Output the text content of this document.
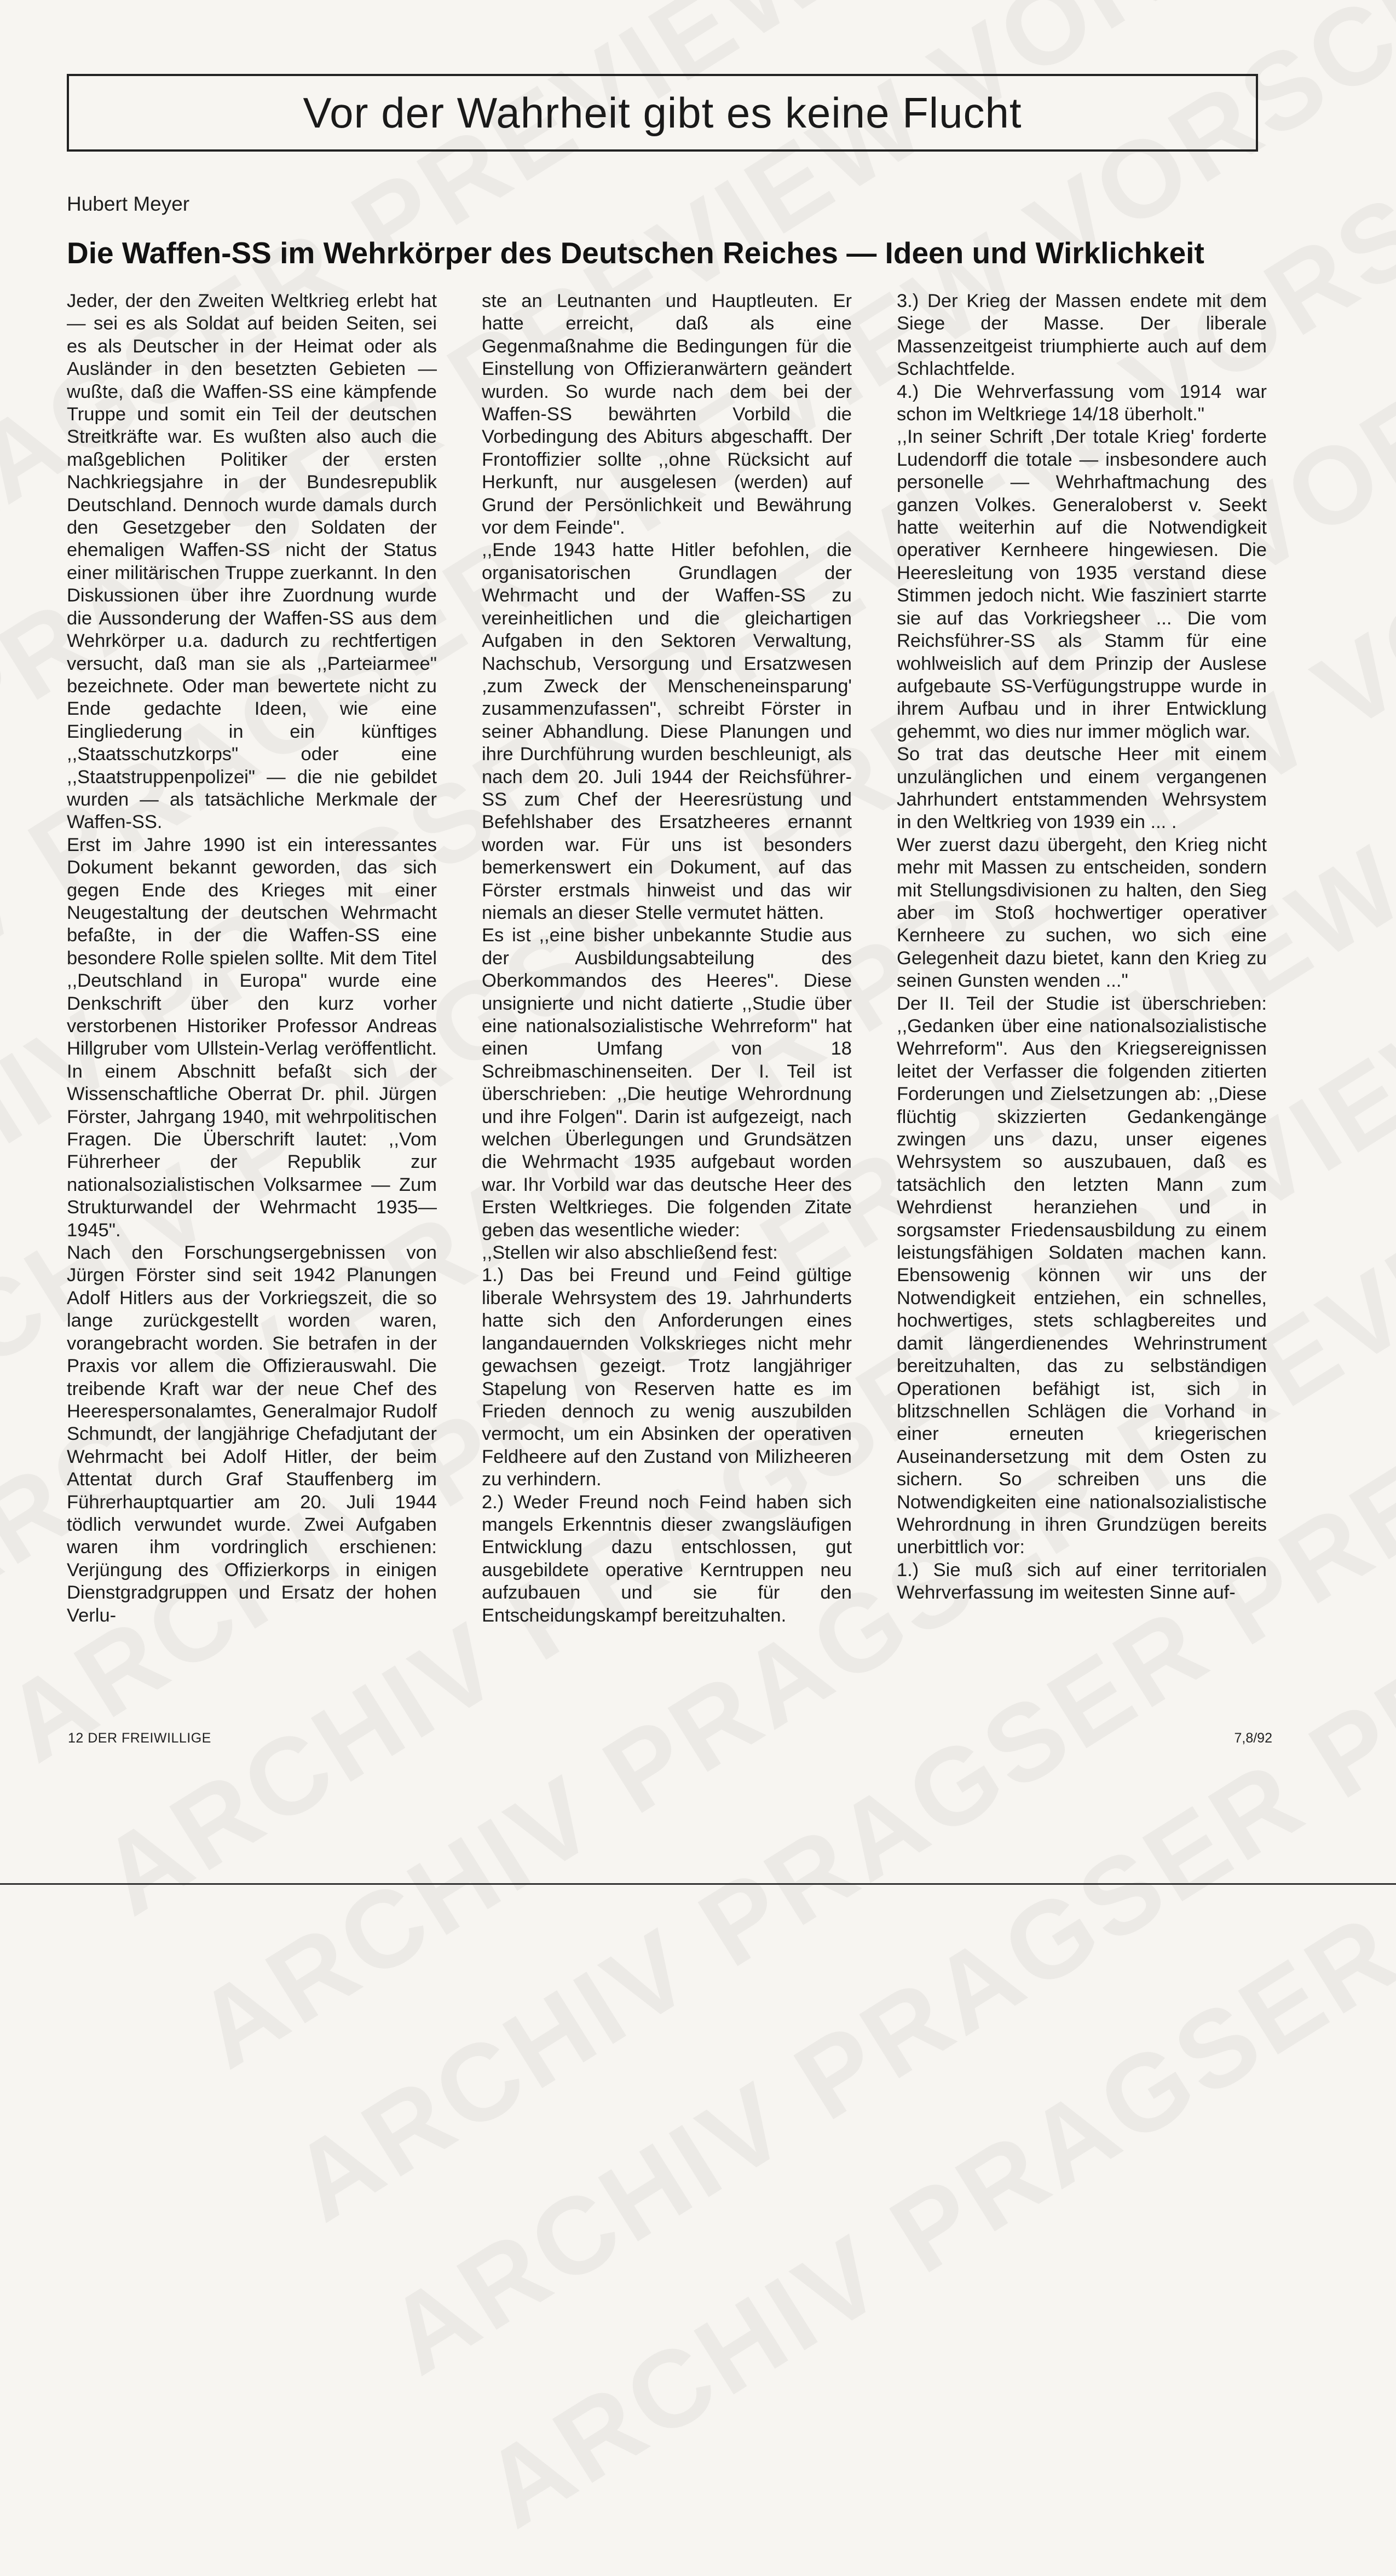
Vor der Wahrheit gibt es keine Flucht
Hubert Meyer
Die Waffen-SS im Wehrkörper des Deutschen Reiches — Ideen und Wirklichkeit

Jeder, der den Zweiten Weltkrieg erlebt hat — sei es als Soldat auf beiden Seiten, sei es als Deutscher in der Heimat oder als Ausländer in den besetzten Gebieten — wußte, daß die Waffen-SS eine kämpfende Truppe und somit ein Teil der deutschen Streitkräfte war. Es wußten also auch die maßgeblichen Politiker der ersten Nachkriegsjahre in der Bundesrepublik Deutschland. Dennoch wurde damals durch den Gesetzgeber den Soldaten der ehemaligen Waffen-SS nicht der Status einer militärischen Truppe zuerkannt. In den Diskussionen über ihre Zuordnung wurde die Aussonderung der Waffen-SS aus dem Wehrkörper u.a. dadurch zu rechtfertigen versucht, daß man sie als ,,Parteiarmee" bezeichnete. Oder man bewertete nicht zu Ende gedachte Ideen, wie eine Eingliederung in ein künftiges ,,Staatsschutzkorps" oder eine ,,Staatstruppenpolizei" — die nie gebildet wurden — als tatsächliche Merkmale der Waffen-SS.

Erst im Jahre 1990 ist ein interessantes Dokument bekannt geworden, das sich gegen Ende des Krieges mit einer Neugestaltung der deutschen Wehrmacht befaßte, in der die Waffen-SS eine besondere Rolle spielen sollte. Mit dem Titel ,,Deutschland in Europa" wurde eine Denkschrift über den kurz vorher verstorbenen Historiker Professor Andreas Hillgruber vom Ullstein-Verlag veröffentlicht. In einem Abschnitt befaßt sich der Wissenschaftliche Oberrat Dr. phil. Jürgen Förster, Jahrgang 1940, mit wehrpolitischen Fragen. Die Überschrift lautet: ,,Vom Führerheer der Republik zur nationalsozialistischen Volksarmee — Zum Strukturwandel der Wehrmacht 1935—1945".

Nach den Forschungsergebnissen von Jürgen Förster sind seit 1942 Planungen Adolf Hitlers aus der Vorkriegszeit, die so lange zurückgestellt worden waren, vorangebracht worden. Sie betrafen in der Praxis vor allem die Offizierauswahl. Die treibende Kraft war der neue Chef des Heerespersonalamtes, Generalmajor Rudolf Schmundt, der langjährige Chefadjutant der Wehrmacht bei Adolf Hitler, der beim Attentat durch Graf Stauffenberg im Führerhauptquartier am 20. Juli 1944 tödlich verwundet wurde. Zwei Aufgaben waren ihm vordringlich erschienen: Verjüngung des Offizierkorps in einigen Dienstgradgruppen und Ersatz der hohen Verlu-

ste an Leutnanten und Hauptleuten. Er hatte erreicht, daß als eine Gegenmaßnahme die Bedingungen für die Einstellung von Offizieranwärtern geändert wurden. So wurde nach dem bei der Waffen-SS bewährten Vorbild die Vorbedingung des Abiturs abgeschafft. Der Frontoffizier sollte ,,ohne Rücksicht auf Herkunft, nur ausgelesen (werden) auf Grund der Persönlichkeit und Bewährung vor dem Feinde".

,,Ende 1943 hatte Hitler befohlen, die organisatorischen Grundlagen der Wehrmacht und der Waffen-SS zu vereinheitlichen und die gleichartigen Aufgaben in den Sektoren Verwaltung, Nachschub, Versorgung und Ersatzwesen ,zum Zweck der Menscheneinsparung' zusammenzufassen", schreibt Förster in seiner Abhandlung. Diese Planungen und ihre Durchführung wurden beschleunigt, als nach dem 20. Juli 1944 der Reichsführer-SS zum Chef der Heeresrüstung und Befehlshaber des Ersatzheeres ernannt worden war. Für uns ist besonders bemerkenswert ein Dokument, auf das Förster erstmals hinweist und das wir niemals an dieser Stelle vermutet hätten.

Es ist ,,eine bisher unbekannte Studie aus der Ausbildungsabteilung des Oberkommandos des Heeres". Diese unsignierte und nicht datierte ,,Studie über eine nationalsozialistische Wehrreform" hat einen Umfang von 18 Schreibmaschinenseiten. Der I. Teil ist überschrieben: ,,Die heutige Wehrordnung und ihre Folgen". Darin ist aufgezeigt, nach welchen Überlegungen und Grundsätzen die Wehrmacht 1935 aufgebaut worden war. Ihr Vorbild war das deutsche Heer des Ersten Weltkrieges. Die folgenden Zitate geben das wesentliche wieder:

,,Stellen wir also abschließend fest:

1.) Das bei Freund und Feind gültige liberale Wehrsystem des 19. Jahrhunderts hatte sich den Anforderungen eines langandauernden Volkskrieges nicht mehr gewachsen gezeigt. Trotz langjähriger Stapelung von Reserven hatte es im Frieden dennoch zu wenig auszubilden vermocht, um ein Absinken der operativen Feldheere auf den Zustand von Milizheeren zu verhindern.

2.) Weder Freund noch Feind haben sich mangels Erkenntnis dieser zwangsläufigen Entwicklung dazu entschlossen, gut ausgebildete operative Kerntruppen neu aufzubauen und sie für den Entscheidungskampf bereitzuhalten.

3.) Der Krieg der Massen endete mit dem Siege der Masse. Der liberale Massenzeitgeist triumphierte auch auf dem Schlachtfelde.

4.) Die Wehrverfassung vom 1914 war schon im Weltkriege 14/18 überholt."

,,In seiner Schrift ,Der totale Krieg' forderte Ludendorff die totale — insbesondere auch personelle — Wehrhaftmachung des ganzen Volkes. Generaloberst v. Seekt hatte weiterhin auf die Notwendigkeit operativer Kernheere hingewiesen. Die Heeresleitung von 1935 verstand diese Stimmen jedoch nicht. Wie fasziniert starrte sie auf das Vorkriegsheer ... Die vom Reichsführer-SS als Stamm für eine wohlweislich auf dem Prinzip der Auslese aufgebaute SS-Verfügungstruppe wurde in ihrem Aufbau und in ihrer Entwicklung gehemmt, wo dies nur immer möglich war.

So trat das deutsche Heer mit einem unzulänglichen und einem vergangenen Jahrhundert entstammenden Wehrsystem in den Weltkrieg von 1939 ein ... .

Wer zuerst dazu übergeht, den Krieg nicht mehr mit Massen zu entscheiden, sondern mit Stellungsdivisionen zu halten, den Sieg aber im Stoß hochwertiger operativer Kernheere zu suchen, wo sich eine Gelegenheit dazu bietet, kann den Krieg zu seinen Gunsten wenden ..."

Der II. Teil der Studie ist überschrieben: ,,Gedanken über eine nationalsozialistische Wehrreform". Aus den Kriegsereignissen leitet der Verfasser die folgenden zitierten Forderungen und Zielsetzungen ab: ,,Diese flüchtig skizzierten Gedankengänge zwingen uns dazu, unser eigenes Wehrsystem so auszubauen, daß es tatsächlich den letzten Mann zum Wehrdienst heranziehen und in sorgsamster Friedensausbildung zu einem leistungsfähigen Soldaten machen kann. Ebensowenig können wir uns der Notwendigkeit entziehen, ein schnelles, hochwertiges, stets schlagbereites und damit längerdienendes Wehrinstrument bereitzuhalten, das zu selbständigen Operationen befähigt ist, sich in blitzschnellen Schlägen die Vorhand in einer erneuten kriegerischen Auseinandersetzung mit dem Osten zu sichern. So schreiben uns die Notwendigkeiten eine nationalsozialistische Wehrordnung in ihren Grundzügen bereits unerbittlich vor:

1.) Sie muß sich auf einer territorialen Wehrverfassung im weitesten Sinne auf-

12 DER FREIWILLIGE	7,8/92
